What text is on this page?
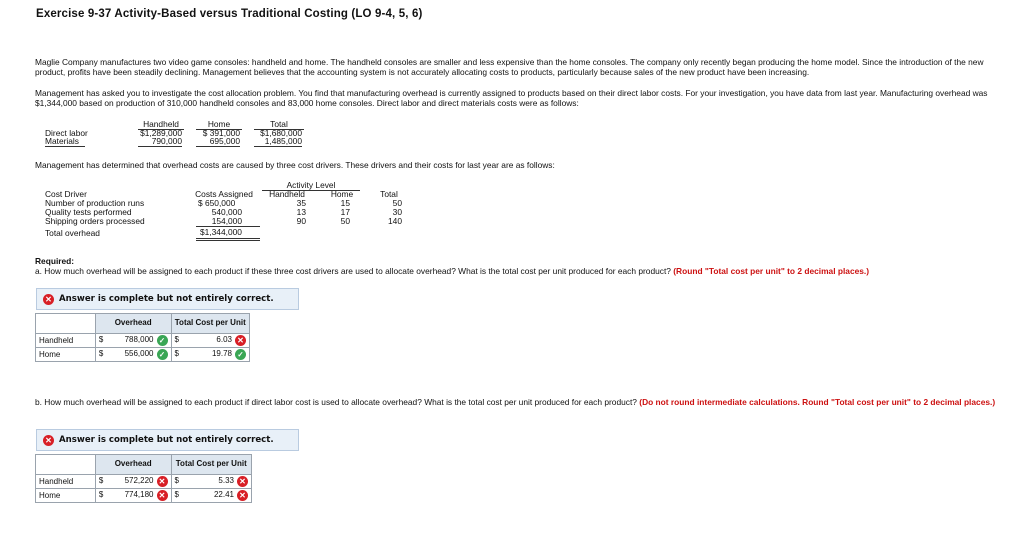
Exercise 9-37 Activity-Based versus Traditional Costing (LO 9-4, 5, 6)
Maglie Company manufactures two video game consoles: handheld and home. The handheld consoles are smaller and less expensive than the home consoles. The company only recently began producing the home model. Since the introduction of the new product, profits have been steadily declining. Management believes that the accounting system is not accurately allocating costs to products, particularly because sales of the new product have been increasing.
Management has asked you to investigate the cost allocation problem. You find that manufacturing overhead is currently assigned to products based on their direct labor costs. For your investigation, you have data from last year. Manufacturing overhead was $1,344,000 based on production of 310,000 handheld consoles and 83,000 home consoles. Direct labor and direct materials costs were as follows:
Handheld	Home	Total
Direct labor	$1,289,000	$ 391,000	$1,680,000
Materials	790,000	695,000	1,485,000
Management has determined that overhead costs are caused by three cost drivers. These drivers and their costs for last year are as follows:
Activity Level
Cost Driver	Costs Assigned	Handheld	Home	Total
Number of production runs	$ 650,000	35	15	50
Quality tests performed	540,000	13	17	30
Shipping orders processed	154,000	90	50	140
Total overhead	$1,344,000
Required:
a. How much overhead will be assigned to each product if these three cost drivers are used to allocate overhead? What is the total cost per unit produced for each product? (Round "Total cost per unit" to 2 decimal places.)
✕ Answer is complete but not entirely correct.
	Overhead	Total Cost per Unit
Handheld	$ 788,000 ✓	$ 6.03 ✕

Home	$ 556,000 ✓	$ 19.78 ✓
b. How much overhead will be assigned to each product if direct labor cost is used to allocate overhead? What is the total cost per unit produced for each product? (Do not round intermediate calculations. Round "Total cost per unit" to 2 decimal places.)
✕ Answer is complete but not entirely correct.
	Overhead	Total Cost per Unit
Handheld	$ 572,220 ✕	$ 5.33 ✕

Home	$ 774,180 ✕	$ 22.41 ✕
